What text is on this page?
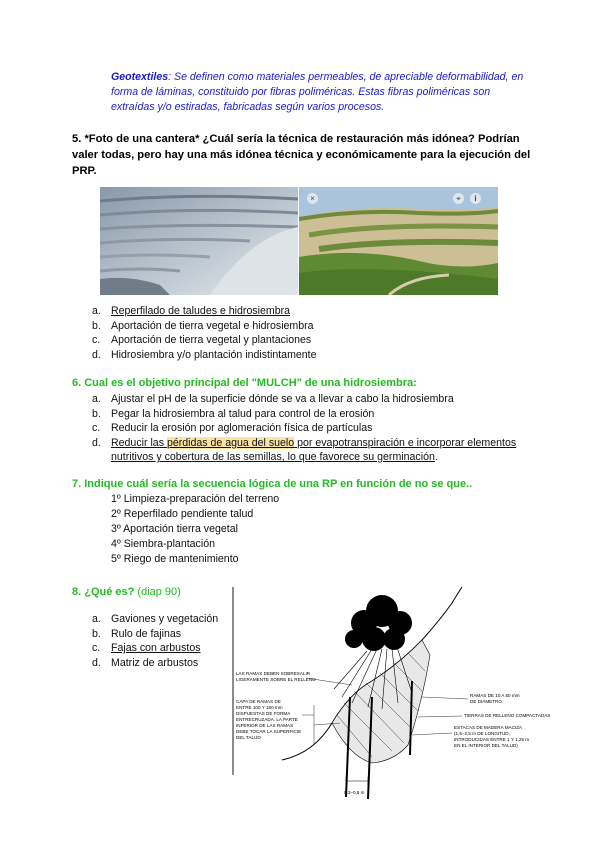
Geotextiles: Se definen como materiales permeables, de apreciable deformabilidad, en forma de láminas, constituido por fibras poliméricas. Estas fibras poliméricas son extraídas y/o estiradas, fabricadas según varios procesos.
5. *Foto de una cantera* ¿Cuál sería la técnica de restauración más idónea? Podrían valer todas, pero hay una más idónea técnica y económicamente para la ejecución del PRP.
×	⌖	i
a. Reperfilado de taludes e hidrosiembra
b. Aportación de tierra vegetal e hidrosiembra
c. Aportación de tierra vegetal y plantaciones
d. Hidrosiembra y/o plantación indistintamente
6. Cual es el objetivo principal del "MULCH" de una hidrosiembra:
a. Ajustar el pH de la superficie dónde se va a llevar a cabo la hidrosiembra
b. Pegar la hidrosiembra al talud para control de la erosión
c. Reducir la erosión por aglomeración física de partículas
d. Reducir las pérdidas de agua del suelo por evapotranspiración e incorporar elementos nutritivos y cobertura de las semillas, lo que favorece su germinación.
7. Indique cuál sería la secuencia lógica de una RP en función de no se que..
1º Limpieza-preparación del terreno
2º Reperfilado pendiente talud
3º Aportación tierra vegetal
4º Siembra-plantación
5º Riego de mantenimiento
8. ¿Qué es? (diap 90)
a. Gaviones y vegetación
b. Rulo de fajinas
c. Fajas con arbustos
d. Matriz de arbustos
0,3–0,5 m
LAS RAMAS DEBEN SOBRESALIR LIGERAMENTE SOBRE EL RELLENO
CAPA DE RAMAS DE ENTRE 100 Y 150 mm DISPUESTAS DE FORMA ENTRECRUZADA. LA PARTE INFERIOR DE LAS RAMAS DEBE TOCAR LA SUPERFICIE DEL TALUD
RAMAS DE 10 A 50 mm DE DIÁMETRO
TIERRAS DE RELLENO COMPACTADAS
ESTACAS DE MADERA MACIZA (1,5–2,5 m DE LONGITUD, INTRODUCIDAS ENTRE 1 Y 1,25 m EN EL INTERIOR DEL TALUD)
